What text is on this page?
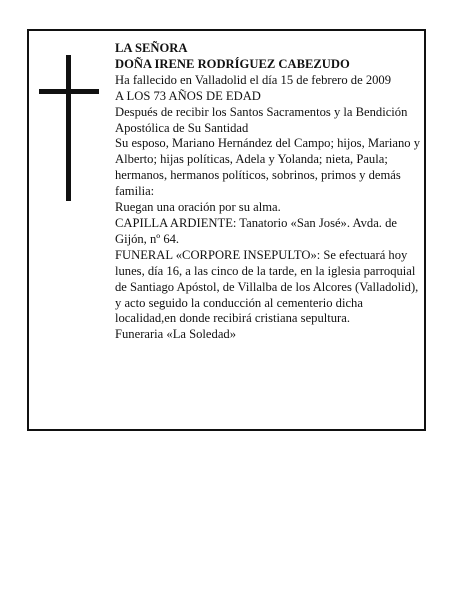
LA SEÑORA

DOÑA IRENE RODRÍGUEZ CABEZUDO

Ha fallecido en Valladolid el día 15 de febrero de 2009

A LOS 73 AÑOS DE EDAD

Después de recibir los Santos Sacramentos y la Bendición Apostólica de Su Santidad

Su esposo, Mariano Hernández del Campo; hijos, Mariano y Alberto; hijas políticas, Adela y Yolanda; nieta, Paula; hermanos, hermanos políticos, sobrinos, primos y demás familia:

Ruegan una oración por su alma.

CAPILLA ARDIENTE: Tanatorio «San José». Avda. de Gijón, nº 64.

FUNERAL «CORPORE INSEPULTO»: Se efectuará hoy lunes, día 16, a las cinco de la tarde, en la iglesia parroquial de Santiago Apóstol, de Villalba de los Alcores (Valladolid), y acto seguido la conducción al cementerio dicha localidad,en donde recibirá cristiana sepultura.

Funeraria «La Soledad»
